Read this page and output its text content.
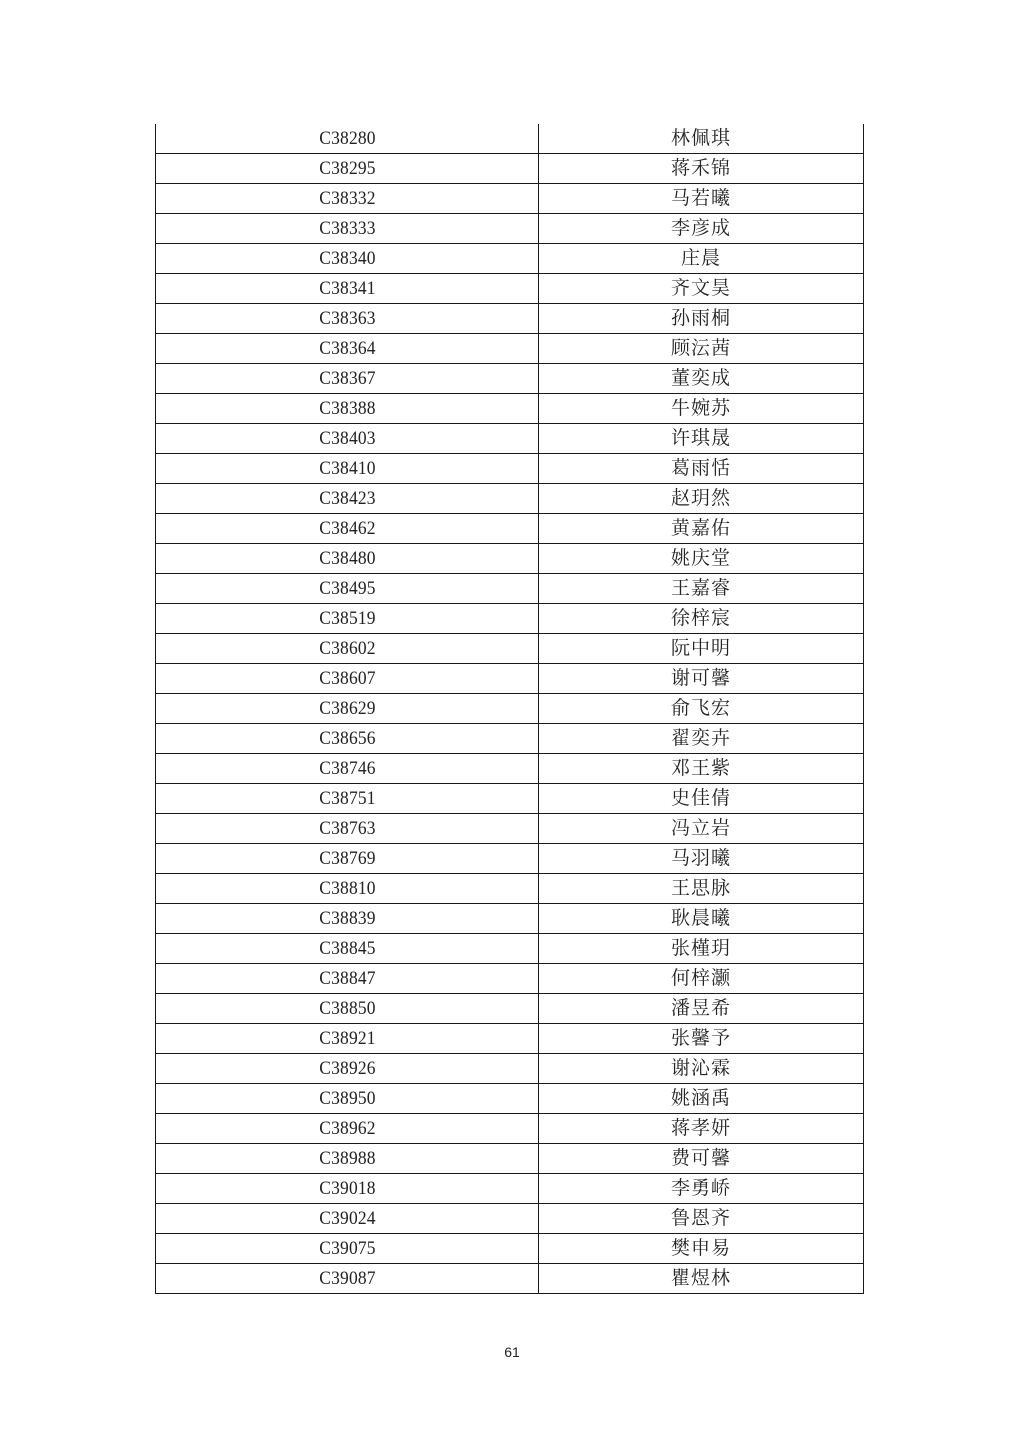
C38280	林佩琪
C38295	蒋禾锦
C38332	马若曦
C38333	李彦成
C38340	庄晨
C38341	齐文昊
C38363	孙雨桐
C38364	顾沄茜
C38367	董奕成
C38388	牛婉苏
C38403	许琪晟
C38410	葛雨恬
C38423	赵玥然
C38462	黄嘉佑
C38480	姚庆堂
C38495	王嘉睿
C38519	徐梓宸
C38602	阮中明
C38607	谢可馨
C38629	俞飞宏
C38656	翟奕卉
C38746	邓王紫
C38751	史佳倩
C38763	冯立岩
C38769	马羽曦
C38810	王思脉
C38839	耿晨曦
C38845	张槿玥
C38847	何梓灏
C38850	潘昱希
C38921	张馨予
C38926	谢沁霖
C38950	姚涵禹
C38962	蒋孝妍
C38988	费可馨
C39018	李勇峤
C39024	鲁恩齐
C39075	樊申易
C39087	瞿煜林
61
